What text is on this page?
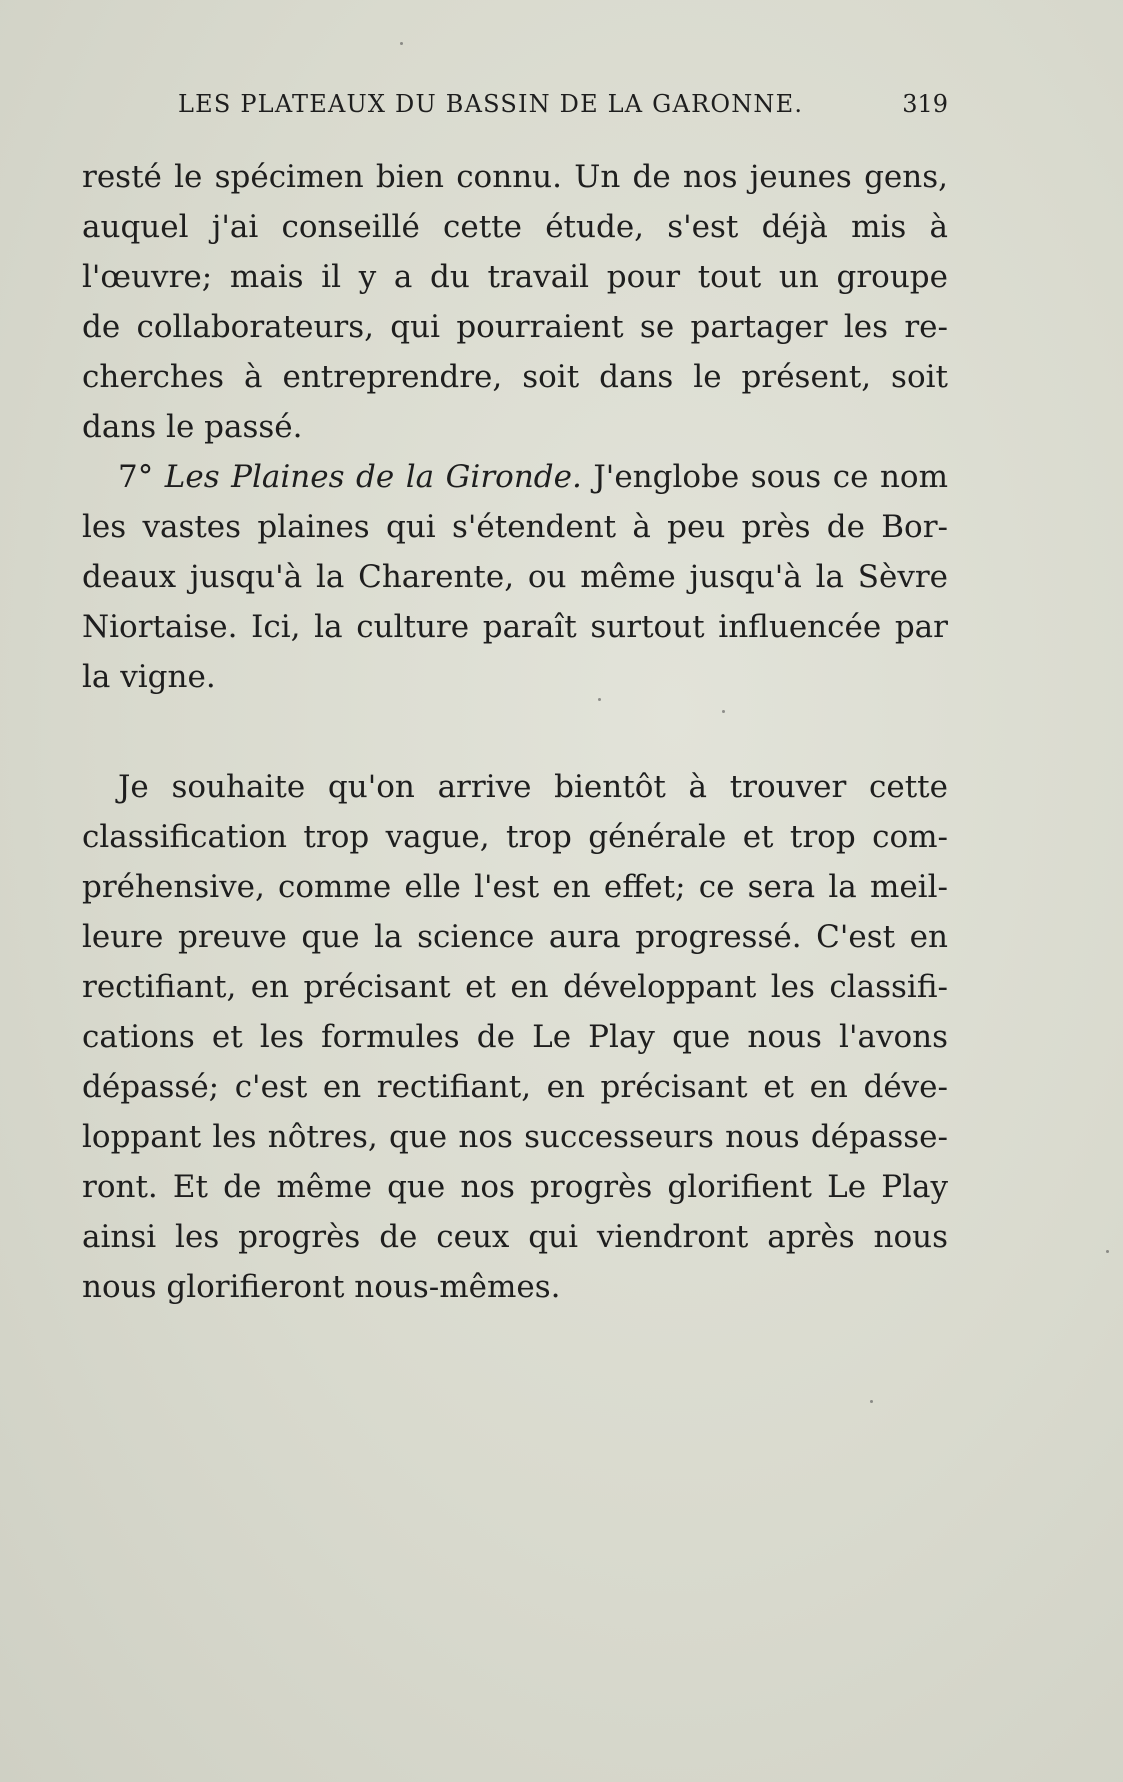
LES PLATEAUX DU BASSIN DE LA GARONNE.	319
resté le spécimen bien connu. Un de nos jeunes gens,
auquel j'ai conseillé cette étude, s'est déjà mis à
l'œuvre; mais il y a du travail pour tout un groupe
de collaborateurs, qui pourraient se partager les re-
cherches à entreprendre, soit dans le présent, soit
dans le passé.
7° Les Plaines de la Gironde. J'englobe sous ce nom
les vastes plaines qui s'étendent à peu près de Bor-
deaux jusqu'à la Charente, ou même jusqu'à la Sèvre
Niortaise. Ici, la culture paraît surtout influencée par
la vigne.
Je souhaite qu'on arrive bientôt à trouver cette
classification trop vague, trop générale et trop com-
préhensive, comme elle l'est en effet; ce sera la meil-
leure preuve que la science aura progressé. C'est en
rectifiant, en précisant et en développant les classifi-
cations et les formules de Le Play que nous l'avons
dépassé; c'est en rectifiant, en précisant et en déve-
loppant les nôtres, que nos successeurs nous dépasse-
ront. Et de même que nos progrès glorifient Le Play
ainsi les progrès de ceux qui viendront après nous
nous glorifieront nous-mêmes.
